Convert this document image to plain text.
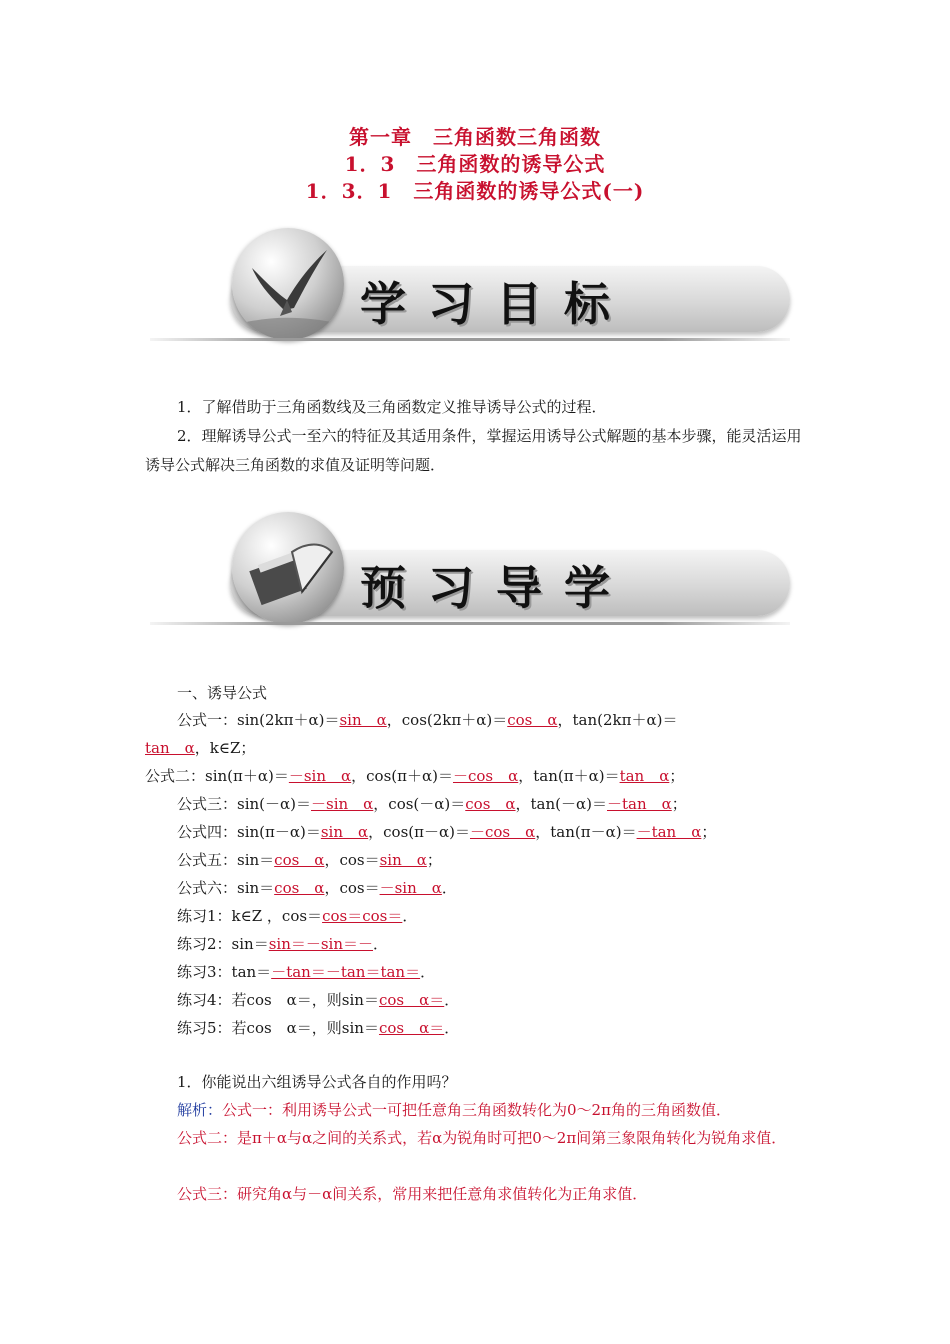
第一章　三角函数三角函数
1．3　三角函数的诱导公式
1．3．1　三角函数的诱导公式(一)
学习目标
1．了解借助于三角函数线及三角函数定义推导诱导公式的过程．
2．理解诱导公式一至六的特征及其适用条件，掌握运用诱导公式解题的基本步骤，能灵活运用诱导公式解决三角函数的求值及证明等问题．
预习导学
一、诱导公式
公式一：sin(2kπ＋α)＝sin　α，cos(2kπ＋α)＝cos　α，tan(2kπ＋α)＝
tan　α，k∈Z；
公式二：sin(π＋α)＝－sin　α，cos(π＋α)＝－cos　α，tan(π＋α)＝tan　α；
公式三：sin(－α)＝－sin　α，cos(－α)＝cos　α，tan(－α)＝－tan　α；
公式四：sin(π－α)＝sin　α，cos(π－α)＝－cos　α，tan(π－α)＝－tan　α；
公式五：sin＝cos　α，cos＝sin　α；
公式六：sin＝cos　α，cos＝－sin　α．
练习1：k∈Z ，cos＝cos＝cos＝．
练习2：sin＝sin＝－sin＝－．
练习3：tan＝－tan＝－tan＝tan＝．
练习4：若cos　α＝，则sin＝cos　α＝．
练习5：若cos　α＝，则sin＝cos　α＝．
1．你能说出六组诱导公式各自的作用吗？
解析：公式一：利用诱导公式一可把任意角三角函数转化为0～2π角的三角函数值．
公式二：是π＋α与α之间的关系式，若α为锐角时可把0～2π间第三象限角转化为锐角求值．
公式三：研究角α与－α间关系，常用来把任意角求值转化为正角求值．
